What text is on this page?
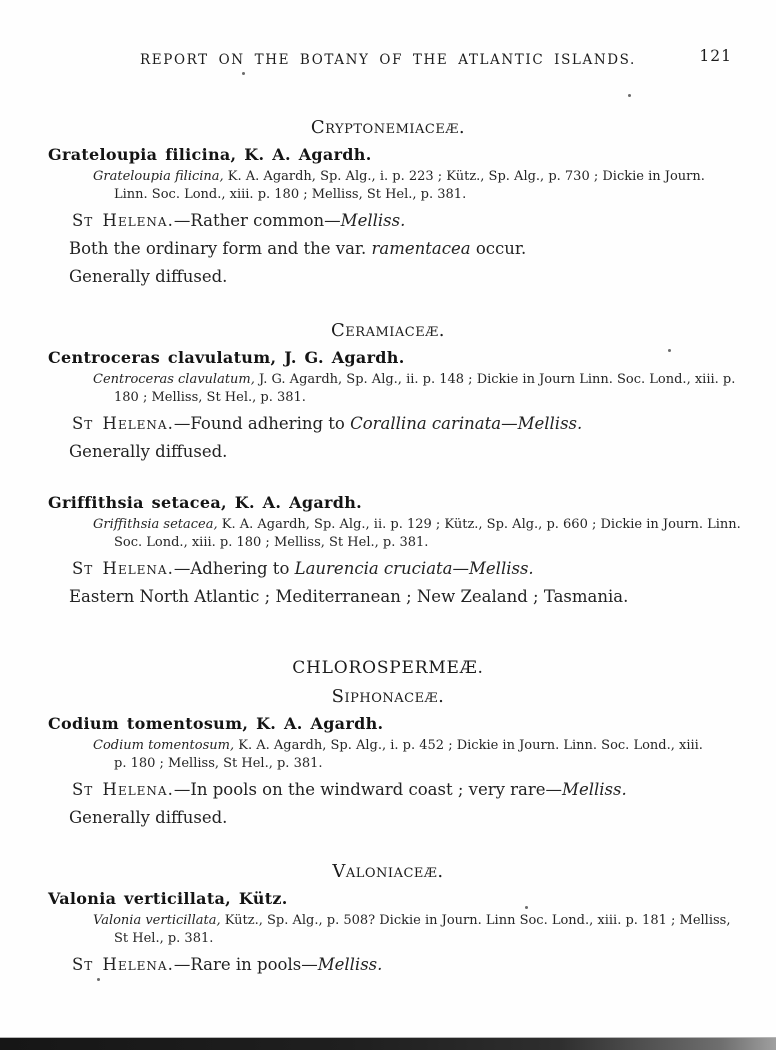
REPORT ON THE BOTANY OF THE ATLANTIC ISLANDS.	121
Cryptonemiaceæ.
Grateloupia filicina, K. A. Agardh.
Grateloupia filicina, K. A. Agardh, Sp. Alg., i. p. 223 ; Kütz., Sp. Alg., p. 730 ; Dickie in Journ.
Linn. Soc. Lond., xiii. p. 180 ; Melliss, St Hel., p. 381.
St Helena.—Rather common—Melliss.
Both the ordinary form and the var. ramentacea occur.
Generally diffused.
Ceramiaceæ.
Centroceras clavulatum, J. G. Agardh.
Centroceras clavulatum, J. G. Agardh, Sp. Alg., ii. p. 148 ; Dickie in Journ Linn. Soc. Lond., xiii. p.
180 ; Melliss, St Hel., p. 381.
St Helena.—Found adhering to Corallina carinata—Melliss.
Generally diffused.
Griffithsia setacea, K. A. Agardh.
Griffithsia setacea, K. A. Agardh, Sp. Alg., ii. p. 129 ; Kütz., Sp. Alg., p. 660 ; Dickie in Journ. Linn.
Soc. Lond., xiii. p. 180 ; Melliss, St Hel., p. 381.
St Helena.—Adhering to Laurencia cruciata—Melliss.
Eastern North Atlantic ; Mediterranean ; New Zealand ; Tasmania.
CHLOROSPERMEÆ.
Siphonaceæ.
Codium tomentosum, K. A. Agardh.
Codium tomentosum, K. A. Agardh, Sp. Alg., i. p. 452 ; Dickie in Journ. Linn. Soc. Lond., xiii.
p. 180 ; Melliss, St Hel., p. 381.
St Helena.—In pools on the windward coast ; very rare—Melliss.
Generally diffused.
Valoniaceæ.
Valonia verticillata, Kütz.
Valonia verticillata, Kütz., Sp. Alg., p. 508? Dickie in Journ. Linn Soc. Lond., xiii. p. 181 ; Melliss,
St Hel., p. 381.
St Helena.—Rare in pools—Melliss.
